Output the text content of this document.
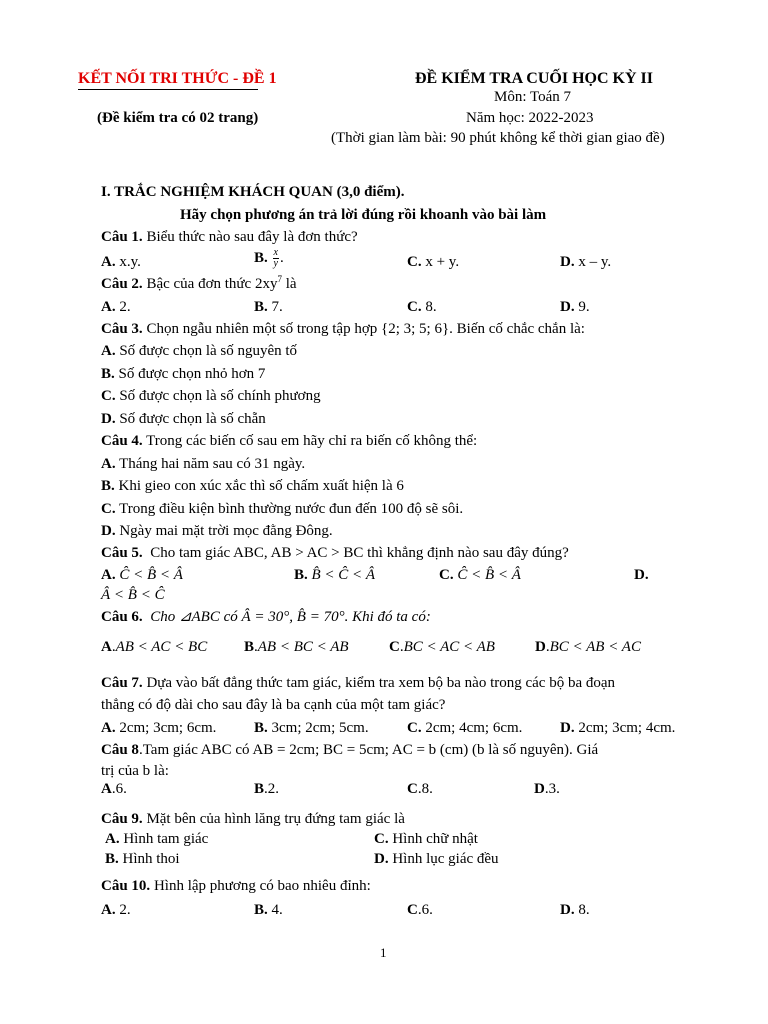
KẾT NỐI TRI THỨC - ĐỀ 1
(Đề kiểm tra có 02 trang)
ĐỀ KIỂM TRA CUỐI HỌC KỲ II
Môn: Toán 7
Năm học: 2022-2023
(Thời gian làm bài: 90 phút không kể thời gian giao đề)
I. TRẮC NGHIỆM KHÁCH QUAN (3,0 điểm).
Hãy chọn phương án trả lời đúng rồi khoanh vào bài làm
Câu 1. Biểu thức nào sau đây là đơn thức?
A. x.y.	B. $\frac{x}{y}$ .	C. x + y.	D. x – y.
Câu 2. Bậc của đơn thức $2xy^7$ là
A. 2.	B. 7.	C. 8.	D. 9.
Câu 3. Chọn ngẫu nhiên một số trong tập hợp {2; 3; 5; 6}. Biến cố chắc chắn là:
A. Số được chọn là số nguyên tố
B. Số được chọn nhỏ hơn 7
C. Số được chọn là số chính phương
D. Số được chọn là số chẵn
Câu 4. Trong các biến cố sau em hãy chỉ ra biến cố không thể:
A. Tháng hai năm sau có 31 ngày.
B. Khi gieo con xúc xắc thì số chấm xuất hiện là 6
C. Trong điều kiện bình thường nước đun đến 100 độ sẽ sôi.
D. Ngày mai mặt trời mọc đằng Đông.
Câu 5. Cho tam giác ABC, AB > AC > BC thì khẳng định nào sau đây đúng?
A. Ĉ < B̂ < Â	B. B̂ < Ĉ < Â	C. Ĉ < B̂ < Â	D.
Â < B̂ < Ĉ
Câu 6. Cho ⊿ABC có Â = 30°, B̂ = 70°. Khi đó ta có:
A.AB < AC < BC B.AB < BC < AB	C.BC < AC < AB	D.BC < AB < AC
Câu 7. Dựa vào bất đẳng thức tam giác, kiểm tra xem bộ ba nào trong các bộ ba đoạn
thẳng có độ dài cho sau đây là ba cạnh của một tam giác?
A. 2cm; 3cm; 6cm.	B. 3cm; 2cm; 5cm.	C. 2cm; 4cm; 6cm.	D. 2cm; 3cm; 4cm.
Câu 8.Tam giác ABC có AB = 2cm; BC = 5cm; AC = b (cm) (b là số nguyên). Giá
trị của b là:
A.6.	B.2.	C.8.	D.3.
Câu 9. Mặt bên của hình lăng trụ đứng tam giác là
A. Hình tam giác	C. Hình chữ nhật
B. Hình thoi	D. Hình lục giác đều
Câu 10. Hình lập phương có bao nhiêu đỉnh:
A. 2.	B. 4.	C.6.	D. 8.
1
